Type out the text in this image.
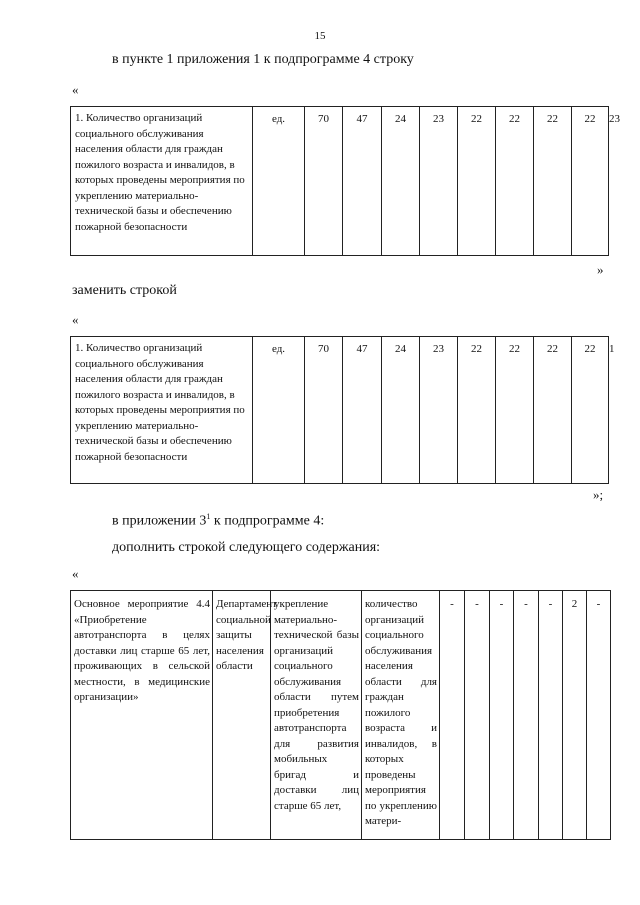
15
в пункте 1 приложения 1 к подпрограмме 4 строку
«
1. Количество организаций социального обслуживания населения области для граждан пожилого возраста и инвалидов, в которых проведены мероприятия по укреплению материально-технической базы и обеспечению пожарной безопасности	ед.	70	47	24	23	22	22	22	22	23
»
заменить строкой
«
1. Количество организаций социального обслуживания населения области для граждан пожилого возраста и инвалидов, в которых проведены мероприятия по укреплению материально-технической базы и обеспечению пожарной безопасности	ед.	70	47	24	23	22	22	22	22	1
»;
в приложении $3^1$ к подпрограмме 4:
дополнить строкой следующего содержания:
«
Основное мероприятие 4.4 «Приобретение автотранспорта в целях доставки лиц старше 65 лет, проживающих в сельской местности, в медицинские организации»	Департамент социальной защиты населения области	укрепление материально-технической базы организаций социального обслуживания области путем приобретения автотранспорта для развития мобильных бригад и доставки лиц старше 65 лет,	количество организаций социального обслуживания населения области для граждан пожилого возраста и инвалидов, в которых проведены мероприятия по укреплению матери-	-	-	-	-	-	2	-
